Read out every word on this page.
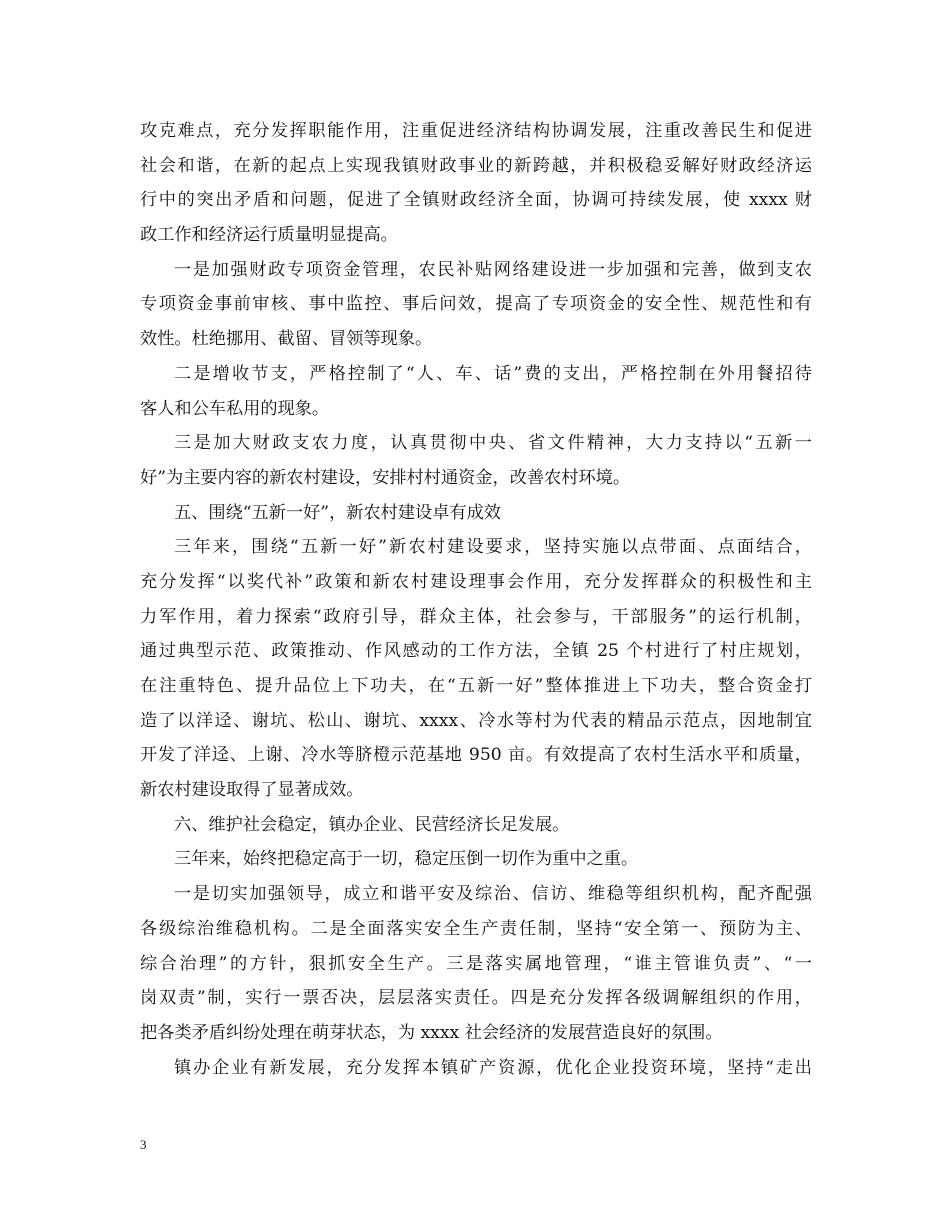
攻克难点，充分发挥职能作用，注重促进经济结构协调发展，注重改善民生和促进
社会和谐，在新的起点上实现我镇财政事业的新跨越，并积极稳妥解好财政经济运
行中的突出矛盾和问题，促进了全镇财政经济全面，协调可持续发展，使 xxxx 财
政工作和经济运行质量明显提高。
一是加强财政专项资金管理，农民补贴网络建设进一步加强和完善，做到支农
专项资金事前审核、事中监控、事后问效，提高了专项资金的安全性、规范性和有
效性。杜绝挪用、截留、冒领等现象。
二是增收节支，严格控制了“人、车、话”费的支出，严格控制在外用餐招待
客人和公车私用的现象。
三是加大财政支农力度，认真贯彻中央、省文件精神，大力支持以“五新一
好”为主要内容的新农村建设，安排村村通资金，改善农村环境。
五、围绕“五新一好”，新农村建设卓有成效
三年来，围绕“五新一好”新农村建设要求，坚持实施以点带面、点面结合，
充分发挥“以奖代补”政策和新农村建设理事会作用，充分发挥群众的积极性和主
力军作用，着力探索“政府引导，群众主体，社会参与，干部服务”的运行机制，
通过典型示范、政策推动、作风感动的工作方法，全镇 25 个村进行了村庄规划，
在注重特色、提升品位上下功夫，在“五新一好”整体推进上下功夫，整合资金打
造了以洋迳、谢坑、松山、谢坑、xxxx、冷水等村为代表的精品示范点，因地制宜
开发了洋迳、上谢、冷水等脐橙示范基地 950 亩。有效提高了农村生活水平和质量，
新农村建设取得了显著成效。
六、维护社会稳定，镇办企业、民营经济长足发展。
三年来，始终把稳定高于一切，稳定压倒一切作为重中之重。
一是切实加强领导，成立和谐平安及综治、信访、维稳等组织机构，配齐配强
各级综治维稳机构。二是全面落实安全生产责任制，坚持“安全第一、预防为主、
综合治理”的方针，狠抓安全生产。三是落实属地管理，“谁主管谁负责”、“一
岗双责”制，实行一票否决，层层落实责任。四是充分发挥各级调解组织的作用，
把各类矛盾纠纷处理在萌芽状态，为 xxxx 社会经济的发展营造良好的氛围。
镇办企业有新发展，充分发挥本镇矿产资源，优化企业投资环境，坚持“走出
3
